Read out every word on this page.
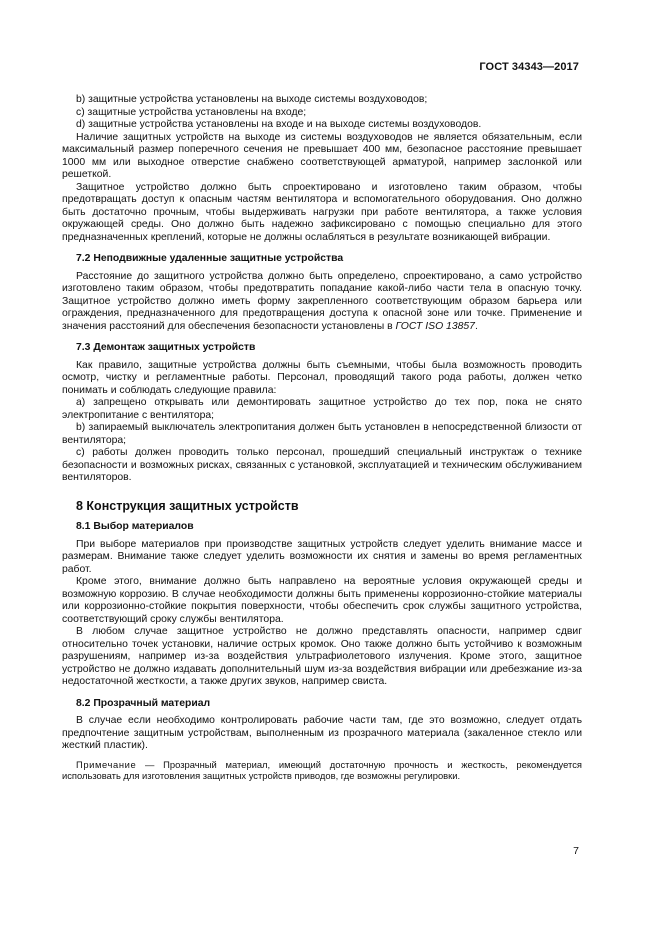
ГОСТ 34343—2017

b) защитные устройства установлены на выходе системы воздуховодов;

c) защитные устройства установлены на входе;

d) защитные устройства установлены на входе и на выходе системы воздуховодов.

Наличие защитных устройств на выходе из системы воздуховодов не является обязательным, если максимальный размер поперечного сечения не превышает 400 мм, безопасное расстояние превышает 1000 мм или выходное отверстие снабжено соответствующей арматурой, например заслонкой или решеткой.

Защитное устройство должно быть спроектировано и изготовлено таким образом, чтобы предотвращать доступ к опасным частям вентилятора и вспомогательного оборудования. Оно должно быть достаточно прочным, чтобы выдерживать нагрузки при работе вентилятора, а также условия окружающей среды. Оно должно быть надежно зафиксировано с помощью специально для этого предназначенных креплений, которые не должны ослабляться в результате возникающей вибрации.

7.2 Неподвижные удаленные защитные устройства

Расстояние до защитного устройства должно быть определено, спроектировано, а само устройство изготовлено таким образом, чтобы предотвратить попадание какой-либо части тела в опасную точку. Защитное устройство должно иметь форму закрепленного соответствующим образом барьера или ограждения, предназначенного для предотвращения доступа к опасной зоне или точке. Применение и значения расстояний для обеспечения безопасности установлены в ГОСТ ISO 13857.

7.3 Демонтаж защитных устройств

Как правило, защитные устройства должны быть съемными, чтобы была возможность проводить осмотр, чистку и регламентные работы. Персонал, проводящий такого рода работы, должен четко понимать и соблюдать следующие правила:

a) запрещено открывать или демонтировать защитное устройство до тех пор, пока не снято электропитание с вентилятора;

b) запираемый выключатель электропитания должен быть установлен в непосредственной близости от вентилятора;

c) работы должен проводить только персонал, прошедший специальный инструктаж о технике безопасности и возможных рисках, связанных с установкой, эксплуатацией и техническим обслуживанием вентиляторов.

8 Конструкция защитных устройств
8.1 Выбор материалов

При выборе материалов при производстве защитных устройств следует уделить внимание массе и размерам. Внимание также следует уделить возможности их снятия и замены во время регламентных работ.

Кроме этого, внимание должно быть направлено на вероятные условия окружающей среды и возможную коррозию. В случае необходимости должны быть применены коррозионно-стойкие материалы или коррозионно-стойкие покрытия поверхности, чтобы обеспечить срок службы защитного устройства, соответствующий сроку службы вентилятора.

В любом случае защитное устройство не должно представлять опасности, например сдвиг относительно точек установки, наличие острых кромок. Оно также должно быть устойчиво к возможным разрушениям, например из-за воздействия ультрафиолетового излучения. Кроме этого, защитное устройство не должно издавать дополнительный шум из-за воздействия вибрации или дребезжание из-за недостаточной жесткости, а также других звуков, например свиста.

8.2 Прозрачный материал

В случае если необходимо контролировать рабочие части там, где это возможно, следует отдать предпочтение защитным устройствам, выполненным из прозрачного материала (закаленное стекло или жесткий пластик).

Примечание — Прозрачный материал, имеющий достаточную прочность и жесткость, рекомендуется использовать для изготовления защитных устройств приводов, где возможны регулировки.

7
